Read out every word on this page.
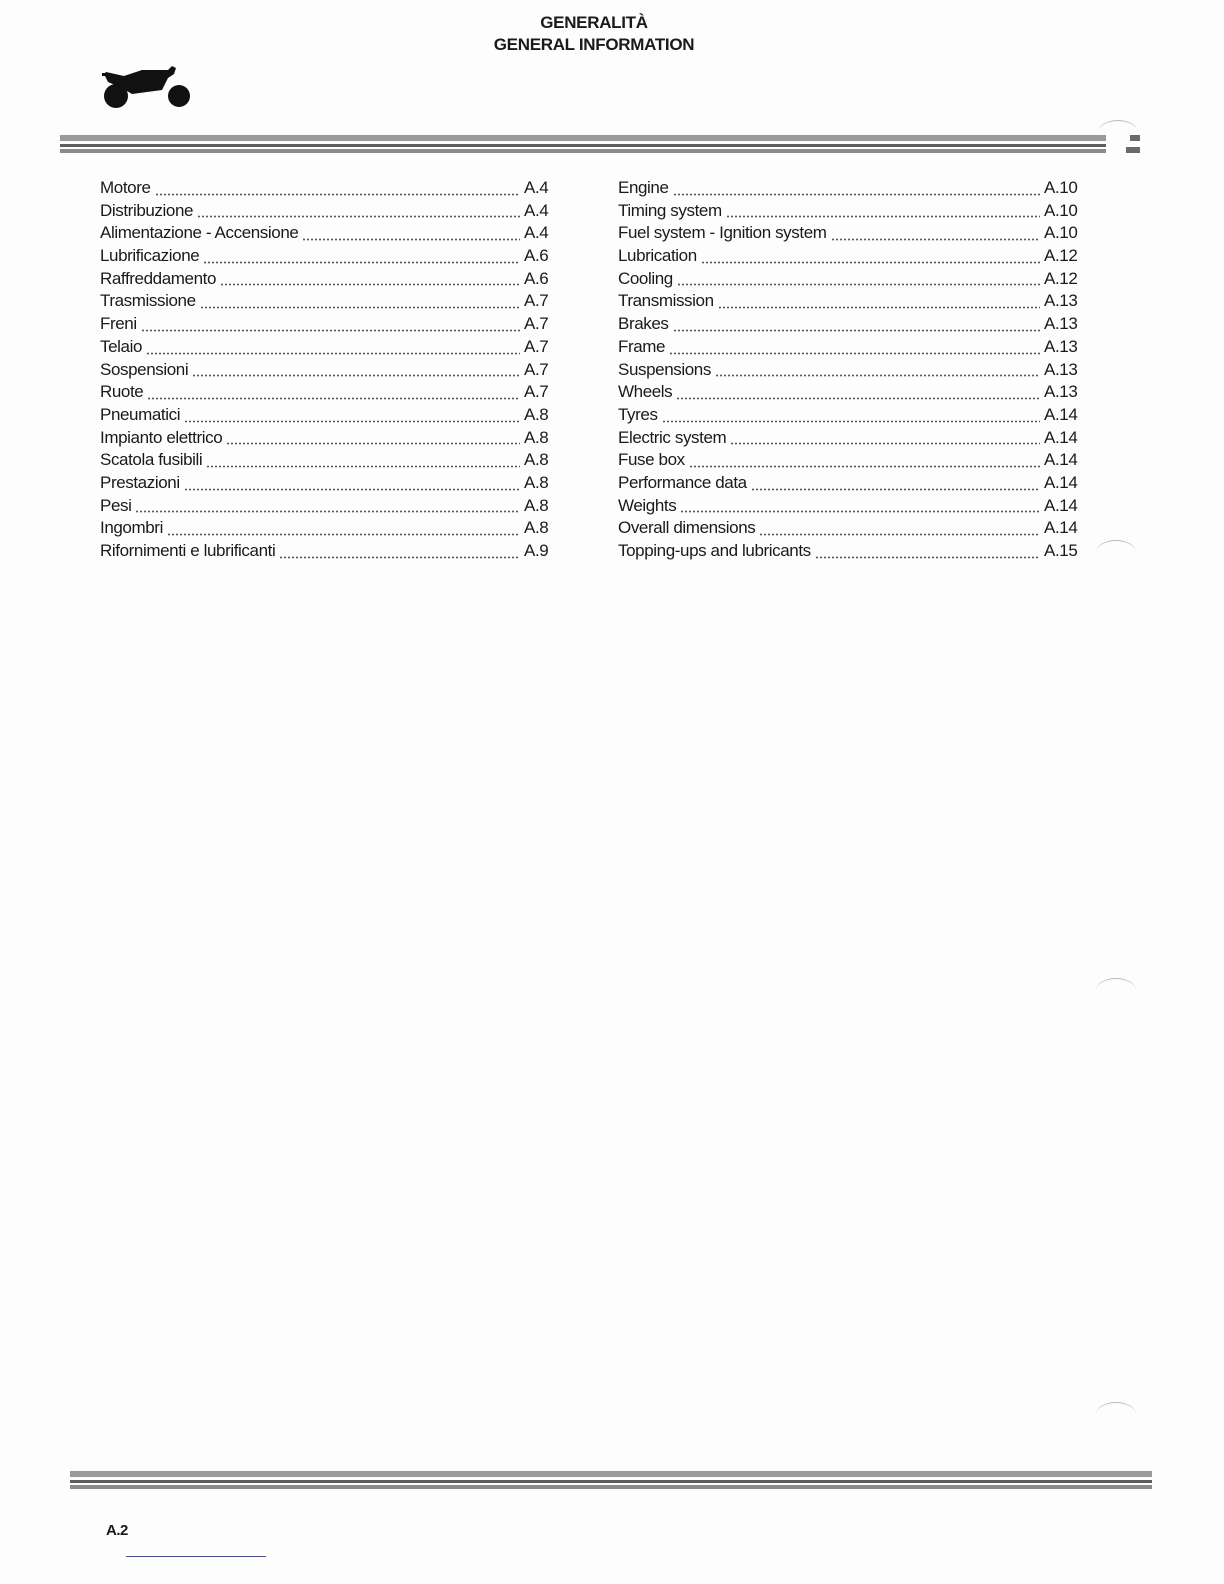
GENERALITÀ
GENERAL INFORMATION
Motore	A.4
Distribuzione	A.4
Alimentazione - Accensione	A.4
Lubrificazione	A.6
Raffreddamento	A.6
Trasmissione	A.7
Freni	A.7
Telaio	A.7
Sospensioni	A.7
Ruote	A.7
Pneumatici	A.8
Impianto elettrico	A.8
Scatola fusibili	A.8
Prestazioni	A.8
Pesi	A.8
Ingombri	A.8
Rifornimenti e lubrificanti	A.9
Engine	A.10
Timing system	A.10
Fuel system - Ignition system	A.10
Lubrication	A.12
Cooling	A.12
Transmission	A.13
Brakes	A.13
Frame	A.13
Suspensions	A.13
Wheels	A.13
Tyres	A.14
Electric system	A.14
Fuse box	A.14
Performance data	A.14
Weights	A.14
Overall dimensions	A.14
Topping-ups and lubricants	A.15
A.2
